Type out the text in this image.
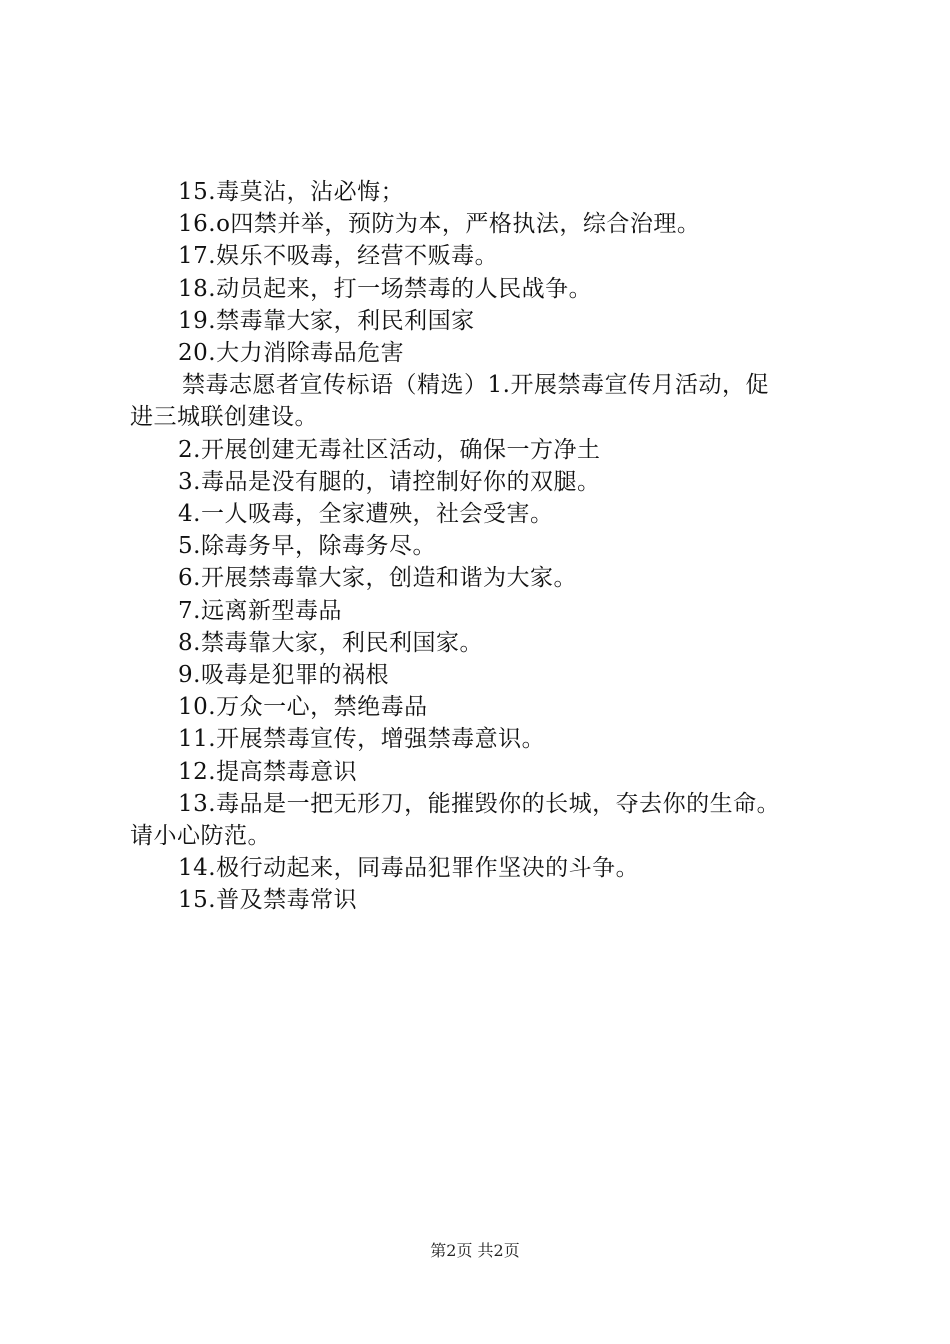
15.毒莫沾，沾必悔；
16.o四禁并举，预防为本，严格执法，综合治理。
17.娱乐不吸毒，经营不贩毒。
18.动员起来，打一场禁毒的人民战争。
19.禁毒靠大家，利民利国家
20.大力消除毒品危害
禁毒志愿者宣传标语（精选）1.开展禁毒宣传月活动，促
进三城联创建设。
2.开展创建无毒社区活动，确保一方净土
3.毒品是没有腿的，请控制好你的双腿。
4.一人吸毒，全家遭殃，社会受害。
5.除毒务早，除毒务尽。
6.开展禁毒靠大家，创造和谐为大家。
7.远离新型毒品
8.禁毒靠大家，利民利国家。
9.吸毒是犯罪的祸根
10.万众一心，禁绝毒品
11.开展禁毒宣传，增强禁毒意识。
12.提高禁毒意识
13.毒品是一把无形刀，能摧毁你的长城，夺去你的生命。
请小心防范。
14.极行动起来，同毒品犯罪作坚决的斗争。
15.普及禁毒常识
第2页 共2页
